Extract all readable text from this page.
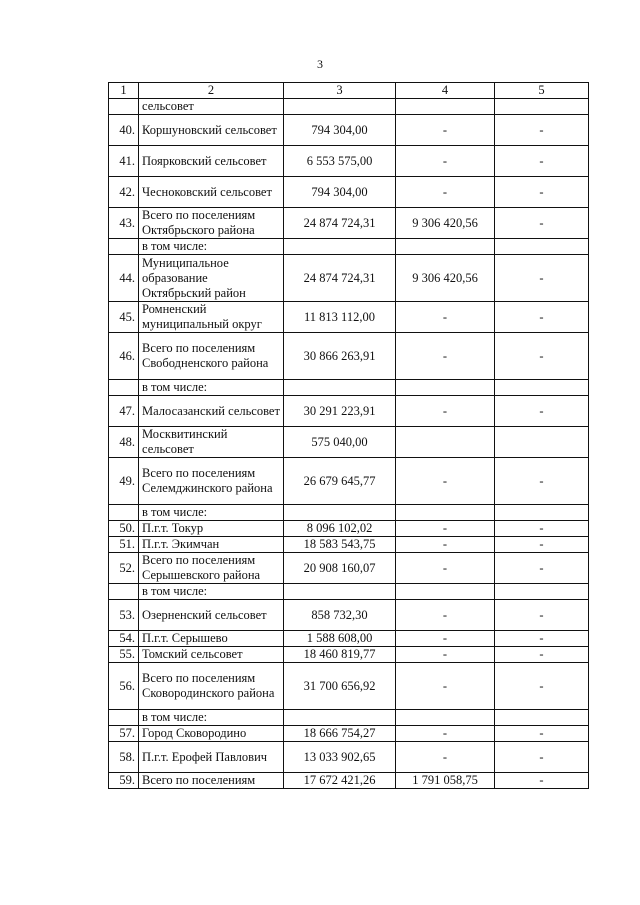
3
1	2	3	4	5
	сельсовет			
40.	Коршуновский сельсовет	794 304,00	-	-
41.	Поярковский сельсовет	6 553 575,00	-	-
42.	Чесноковский сельсовет	794 304,00	-	-
43.	Всего по поселениям Октябрьского района	24 874 724,31	9 306 420,56	-
	в том числе:			
44.	Муниципальное образование Октябрьский район	24 874 724,31	9 306 420,56	-
45.	Ромненский муниципальный округ	11 813 112,00	-	-
46.	Всего по поселениям Свободненского района	30 866 263,91	-	-
	в том числе:			
47.	Малосазанский сельсовет	30 291 223,91	-	-
48.	Москвитинский сельсовет	575 040,00		
49.	Всего по поселениям Селемджинского района	26 679 645,77	-	-
	в том числе:			
50.	П.г.т. Токур	8 096 102,02	-	-
51.	П.г.т. Экимчан	18 583 543,75	-	-
52.	Всего по поселениям Серышевского района	20 908 160,07	-	-
	в том числе:			
53.	Озерненский сельсовет	858 732,30	-	-
54.	П.г.т. Серышево	1 588 608,00	-	-
55.	Томский сельсовет	18 460 819,77	-	-
56.	Всего по поселениям Сковородинского района	31 700 656,92	-	-
	в том числе:			
57.	Город Сковородино	18 666 754,27	-	-
58.	П.г.т. Ерофей Павлович	13 033 902,65	-	-
59.	Всего по поселениям	17 672 421,26	1 791 058,75	-
